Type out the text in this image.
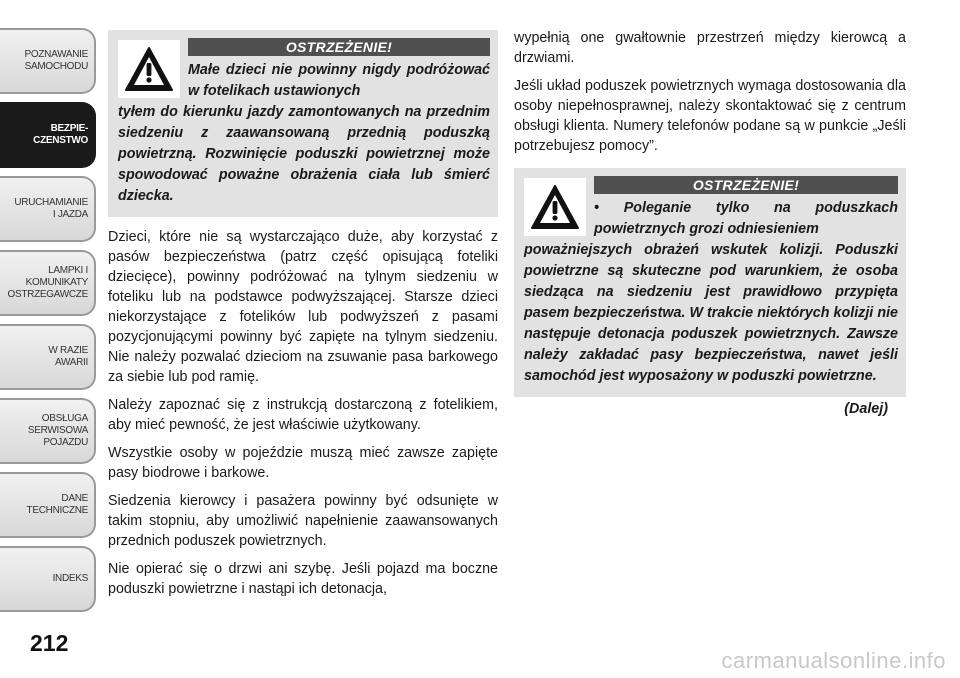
POZNAWANIE
SAMOCHODU
BEZPIE-
CZENSTWO
URUCHAMIANIE
I JAZDA
LAMPKI I
KOMUNIKATY
OSTRZEGAWCZE
W RAZIE
AWARII
OBSŁUGA
SERWISOWA
POJAZDU
DANE
TECHNICZNE
INDEKS
212
OSTRZEŻENIE!
Małe dzieci nie powinny nigdy podróżować w fotelikach ustawionych
tyłem do kierunku jazdy zamontowanych na przednim siedzeniu z zaawansowaną przednią poduszką powietrzną. Rozwinięcie poduszki powietrznej może spowodować poważne obrażenia ciała lub śmierć dziecka.

Dzieci, które nie są wystarczająco duże, aby korzystać z pasów bezpieczeństwa (patrz część opisującą foteliki dziecięce), powinny podróżować na tylnym siedzeniu w foteliku lub na podstawce podwyższającej. Starsze dzieci niekorzystające z fotelików lub podwyższeń z pasami pozycjonującymi powinny być zapięte na tylnym siedzeniu. Nie należy pozwalać dzieciom na zsuwanie pasa barkowego za siebie lub pod ramię.

Należy zapoznać się z instrukcją dostarczoną z fotelikiem, aby mieć pewność, że jest właściwie użytkowany.

Wszystkie osoby w pojeździe muszą mieć zawsze zapięte pasy biodrowe i barkowe.

Siedzenia kierowcy i pasażera powinny być odsunięte w takim stopniu, aby umożliwić napełnienie zaawansowanych przednich poduszek powietrznych.

Nie opierać się o drzwi ani szybę. Jeśli pojazd ma boczne poduszki powietrzne i nastąpi ich detonacja,

wypełnią one gwałtownie przestrzeń między kierowcą a drzwiami.

Jeśli układ poduszek powietrznych wymaga dostosowania dla osoby niepełnosprawnej, należy skontaktować się z centrum obsługi klienta. Numery telefonów podane są w punkcie „Jeśli potrzebujesz pomocy”.

OSTRZEŻENIE!
• Poleganie tylko na poduszkach powietrznych grozi odniesieniem
poważniejszych obrażeń wskutek kolizji. Poduszki powietrzne są skuteczne pod warunkiem, że osoba siedząca na siedzeniu jest prawidłowo przypięta pasem bezpieczeństwa. W trakcie niektórych kolizji nie następuje detonacja poduszek powietrznych. Zawsze należy zakładać pasy bezpieczeństwa, nawet jeśli samochód jest wyposażony w poduszki powietrzne.
(Dalej)
carmanualsonline.info
